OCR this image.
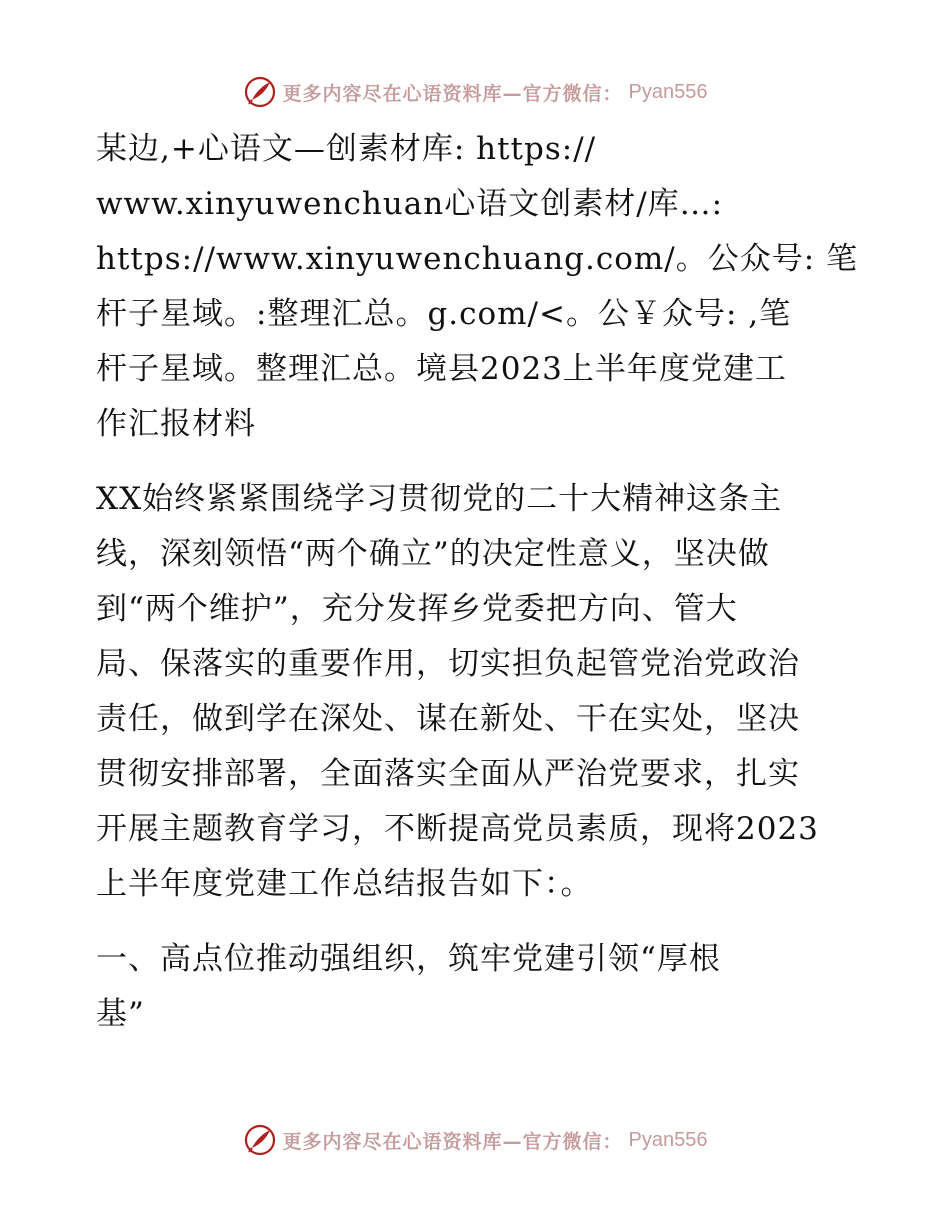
更多内容尽在心语资料库—官方微信： Pyan556

某边,+心语文—创素材库: https://
www.xinyuwenchuan心语文创素材/库…:
https://www.xinyuwenchuang.com/。公众号: 笔
杆子星域。:整理汇总。g.com/<。公￥众号: ,笔
杆子星域。整理汇总。境县2023上半年度党建工
作汇报材料

XX始终紧紧围绕学习贯彻党的二十大精神这条主
线，深刻领悟“两个确立”的决定性意义，坚决做
到“两个维护”，充分发挥乡党委把方向、管大
局、保落实的重要作用，切实担负起管党治党政治
责任，做到学在深处、谋在新处、干在实处，坚决
贯彻安排部署，全面落实全面从严治党要求，扎实
开展主题教育学习，不断提高党员素质，现将2023
上半年度党建工作总结报告如下：。

一、高点位推动强组织，筑牢党建引领“厚根
基”

更多内容尽在心语资料库—官方微信： Pyan556
